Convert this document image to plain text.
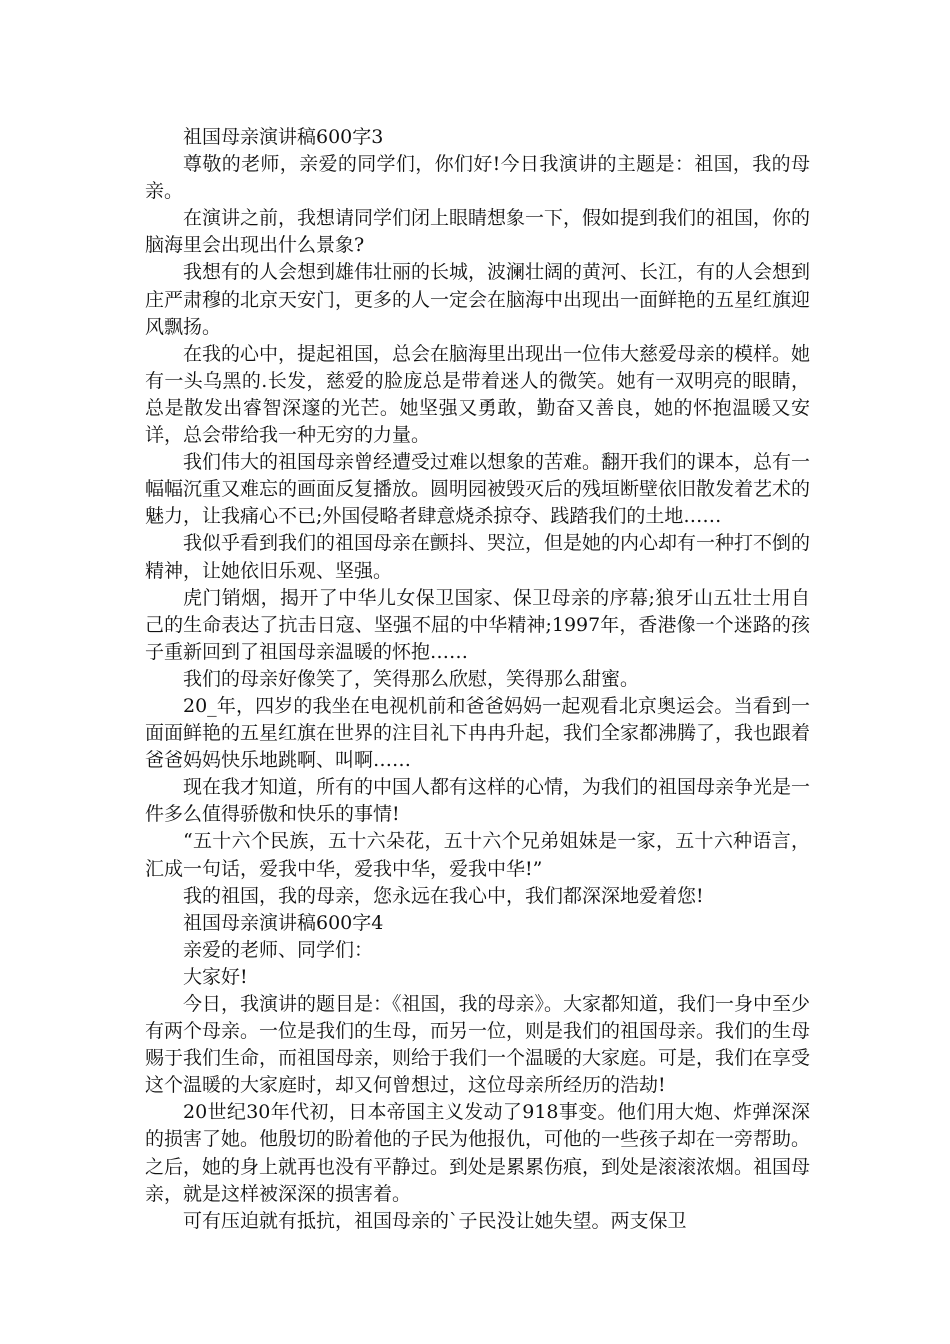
祖国母亲演讲稿600字3

尊敬的老师，亲爱的同学们，你们好!今日我演讲的主题是：祖国，我的母亲。

在演讲之前，我想请同学们闭上眼睛想象一下，假如提到我们的祖国，你的脑海里会出现出什么景象?

我想有的人会想到雄伟壮丽的长城，波澜壮阔的黄河、长江，有的人会想到庄严肃穆的北京天安门，更多的人一定会在脑海中出现出一面鲜艳的五星红旗迎风飘扬。

在我的心中，提起祖国，总会在脑海里出现出一位伟大慈爱母亲的模样。她有一头乌黑的.长发，慈爱的脸庞总是带着迷人的微笑。她有一双明亮的眼睛，总是散发出睿智深邃的光芒。她坚强又勇敢，勤奋又善良，她的怀抱温暖又安详，总会带给我一种无穷的力量。

我们伟大的祖国母亲曾经遭受过难以想象的苦难。翻开我们的课本，总有一幅幅沉重又难忘的画面反复播放。圆明园被毁灭后的残垣断壁依旧散发着艺术的魅力，让我痛心不已;外国侵略者肆意烧杀掠夺、践踏我们的土地……

我似乎看到我们的祖国母亲在颤抖、哭泣，但是她的内心却有一种打不倒的精神，让她依旧乐观、坚强。

虎门销烟，揭开了中华儿女保卫国家、保卫母亲的序幕;狼牙山五壮士用自己的生命表达了抗击日寇、坚强不屈的中华精神;1997年，香港像一个迷路的孩子重新回到了祖国母亲温暖的怀抱……

我们的母亲好像笑了，笑得那么欣慰，笑得那么甜蜜。

20_年，四岁的我坐在电视机前和爸爸妈妈一起观看北京奥运会。当看到一面面鲜艳的五星红旗在世界的注目礼下冉冉升起，我们全家都沸腾了，我也跟着爸爸妈妈快乐地跳啊、叫啊……

现在我才知道，所有的中国人都有这样的心情，为我们的祖国母亲争光是一件多么值得骄傲和快乐的事情!

“五十六个民族，五十六朵花，五十六个兄弟姐妹是一家，五十六种语言，汇成一句话，爱我中华，爱我中华，爱我中华!”

我的祖国，我的母亲，您永远在我心中，我们都深深地爱着您!

祖国母亲演讲稿600字4

亲爱的老师、同学们：

大家好!

今日，我演讲的题目是：《祖国，我的母亲》。大家都知道，我们一身中至少有两个母亲。一位是我们的生母，而另一位，则是我们的祖国母亲。我们的生母赐于我们生命，而祖国母亲，则给于我们一个温暖的大家庭。可是，我们在享受这个温暖的大家庭时，却又何曾想过，这位母亲所经历的浩劫!

20世纪30年代初，日本帝国主义发动了918事变。他们用大炮、炸弹深深的损害了她。他殷切的盼着他的子民为他报仇，可他的一些孩子却在一旁帮助。之后，她的身上就再也没有平静过。到处是累累伤痕，到处是滚滚浓烟。祖国母亲，就是这样被深深的损害着。

可有压迫就有抵抗，祖国母亲的`子民没让她失望。两支保卫
